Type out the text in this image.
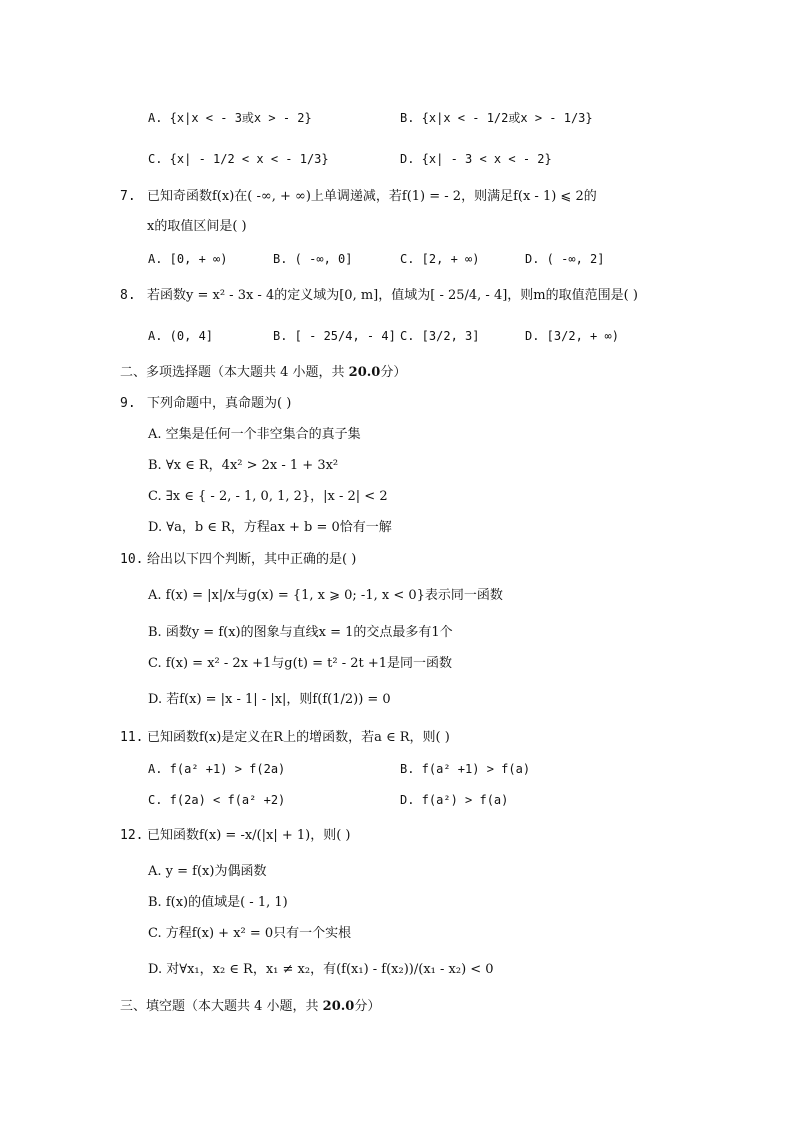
A. {x|x < - 3或x > - 2}	B. {x|x < - 1/2或x > - 1/3}
C. {x| - 1/2 < x < - 1/3}	D. {x| - 3 < x < - 2}
7. 已知奇函数f(x)在( -∞, + ∞)上单调递减，若f(1) = - 2，则满足f(x - 1) ⩽ 2的
x的取值区间是( )
A. [0, + ∞)	B. ( -∞, 0]	C. [2, + ∞)	D. ( -∞, 2]
8. 若函数y = x² - 3x - 4的定义域为[0, m]，值域为[ - 25/4, - 4]，则m的取值范围是( )
A. (0, 4]	B. [ - 25/4, - 4] C. [3/2, 3]	D. [3/2, + ∞)
二、多项选择题（本大题共 4 小题，共 20.0分）
9. 下列命题中，真命题为( )
A. 空集是任何一个非空集合的真子集
B. ∀x ∈ R，4x² > 2x - 1 + 3x²
C. ∃x ∈ { - 2, - 1, 0, 1, 2}，|x - 2| < 2
D. ∀a，b ∈ R，方程ax + b = 0恰有一解
10. 给出以下四个判断，其中正确的是( )
A. f(x) = |x|/x与g(x) = {1, x ⩾ 0; -1, x < 0}表示同一函数
B. 函数y = f(x)的图象与直线x = 1的交点最多有1个
C. f(x) = x² - 2x +1与g(t) = t² - 2t +1是同一函数
D. 若f(x) = |x - 1| - |x|，则f(f(1/2)) = 0
11. 已知函数f(x)是定义在R上的增函数，若a ∈ R，则( )
A. f(a² +1) > f(2a)	B. f(a² +1) > f(a)
C. f(2a) < f(a² +2)	D. f(a²) > f(a)
12. 已知函数f(x) = -x/(|x| + 1)，则( )
A. y = f(x)为偶函数
B. f(x)的值域是( - 1, 1)
C. 方程f(x) + x² = 0只有一个实根
D. 对∀x₁，x₂ ∈ R，x₁ ≠ x₂，有(f(x₁) - f(x₂))/(x₁ - x₂) < 0
三、填空题（本大题共 4 小题，共 20.0分）
